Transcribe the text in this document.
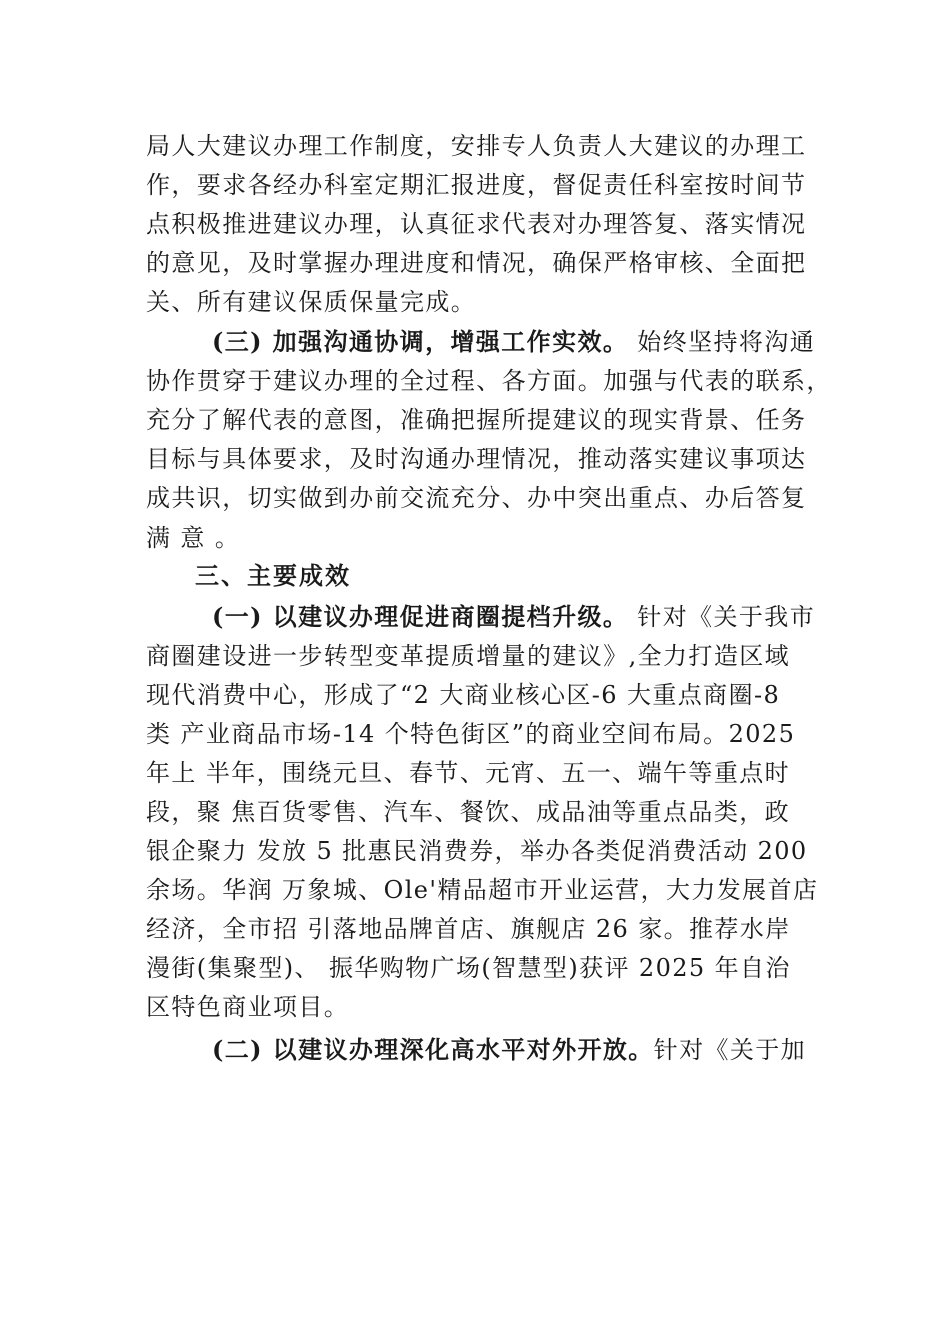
局人大建议办理工作制度，安排专人负责人大建议的办理工
作，要求各经办科室定期汇报进度，督促责任科室按时间节
点积极推进建议办理，认真征求代表对办理答复、落实情况
的意见，及时掌握办理进度和情况，确保严格审核、全面把
关、所有建议保质保量完成。
(三) 加强沟通协调，增强工作实效。 始终坚持将沟通
协作贯穿于建议办理的全过程、各方面。加强与代表的联系，
充分了解代表的意图，准确把握所提建议的现实背景、任务
目标与具体要求，及时沟通办理情况，推动落实建议事项达
成共识，切实做到办前交流充分、办中突出重点、办后答复
满 意 。
三、主要成效
(一) 以建议办理促进商圈提档升级。 针对《关于我市
商圈建设进一步转型变革提质增量的建议》,全力打造区域
现代消费中心，形成了“2 大商业核心区-6 大重点商圈-8
类 产业商品市场-14 个特色街区”的商业空间布局。2025
年上 半年，围绕元旦、春节、元宵、五一、端午等重点时
段，聚 焦百货零售、汽车、餐饮、成品油等重点品类，政
银企聚力 发放 5 批惠民消费券，举办各类促消费活动 200
余场。华润 万象城、Ole'精品超市开业运营，大力发展首店
经济，全市招 引落地品牌首店、旗舰店 26 家。推荐水岸
漫街(集聚型)、 振华购物广场(智慧型)获评 2025 年自治
区特色商业项目。
(二) 以建议办理深化高水平对外开放。针对《关于加
